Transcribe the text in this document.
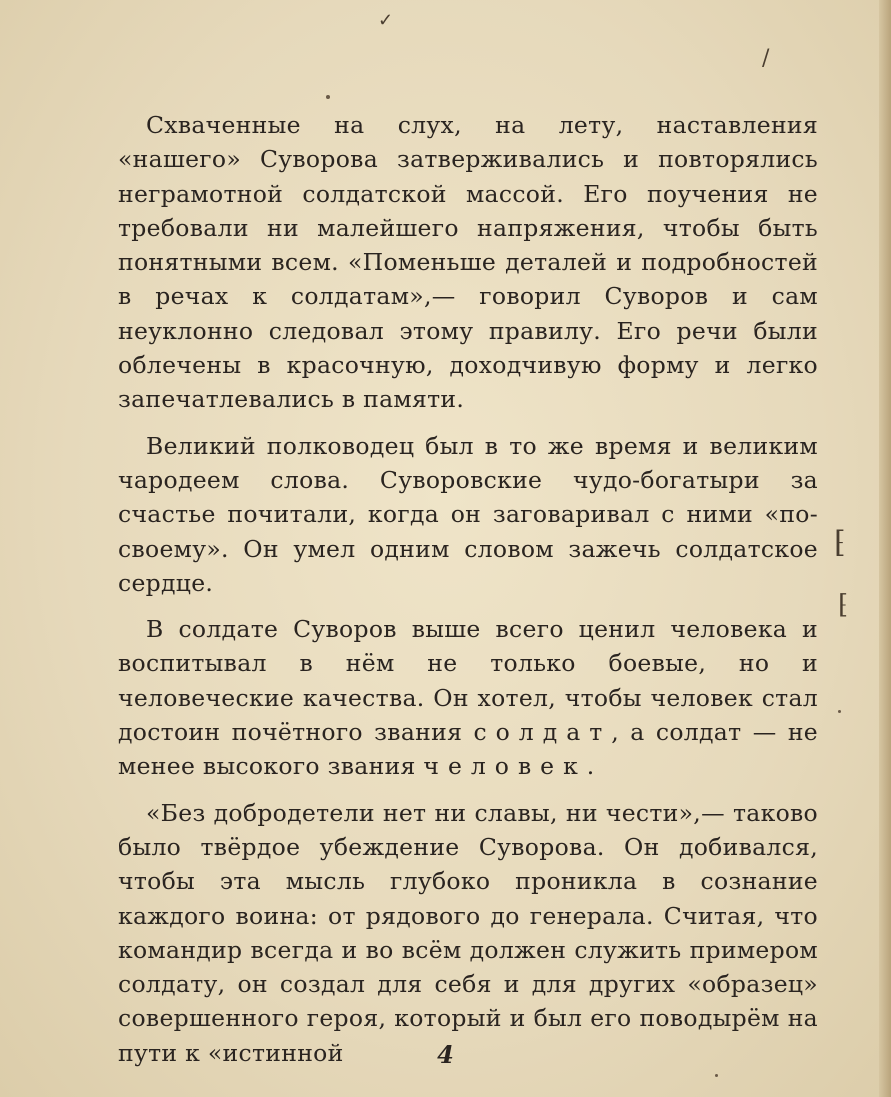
✓
/
⁅
⁅

Схваченные на слух, на лету, наставления «нашего» Суворова затверживались и повторялись неграмотной солдатской массой. Его поучения не требовали ни малейшего напряжения, чтобы быть понятными всем. «Поменьше деталей и подробностей в речах к солдатам»,— говорил Суворов и сам неуклонно следовал этому правилу. Его речи были облечены в красочную, доходчивую форму и легко запечатлевались в памяти.

Великий полководец был в то же время и великим чародеем слова. Суворовские чудо-богатыри за счастье почитали, когда он заговаривал с ними «по-своему». Он умел одним словом зажечь солдатское сердце.

В солдате Суворов выше всего ценил человека и воспитывал в нём не только боевые, но и человеческие качества. Он хотел, чтобы человек стал достоин почётного звания солдат, а солдат — не менее высокого звания человек.

«Без добродетели нет ни славы, ни чести»,— таково было твёрдое убеждение Суворова. Он добивался, чтобы эта мысль глубоко проникла в сознание каждого воина: от рядового до генерала. Считая, что командир всегда и во всём должен служить примером солдату, он создал для себя и для других «образец» совершенного героя, который и был его поводырём на пути к «истинной	4
